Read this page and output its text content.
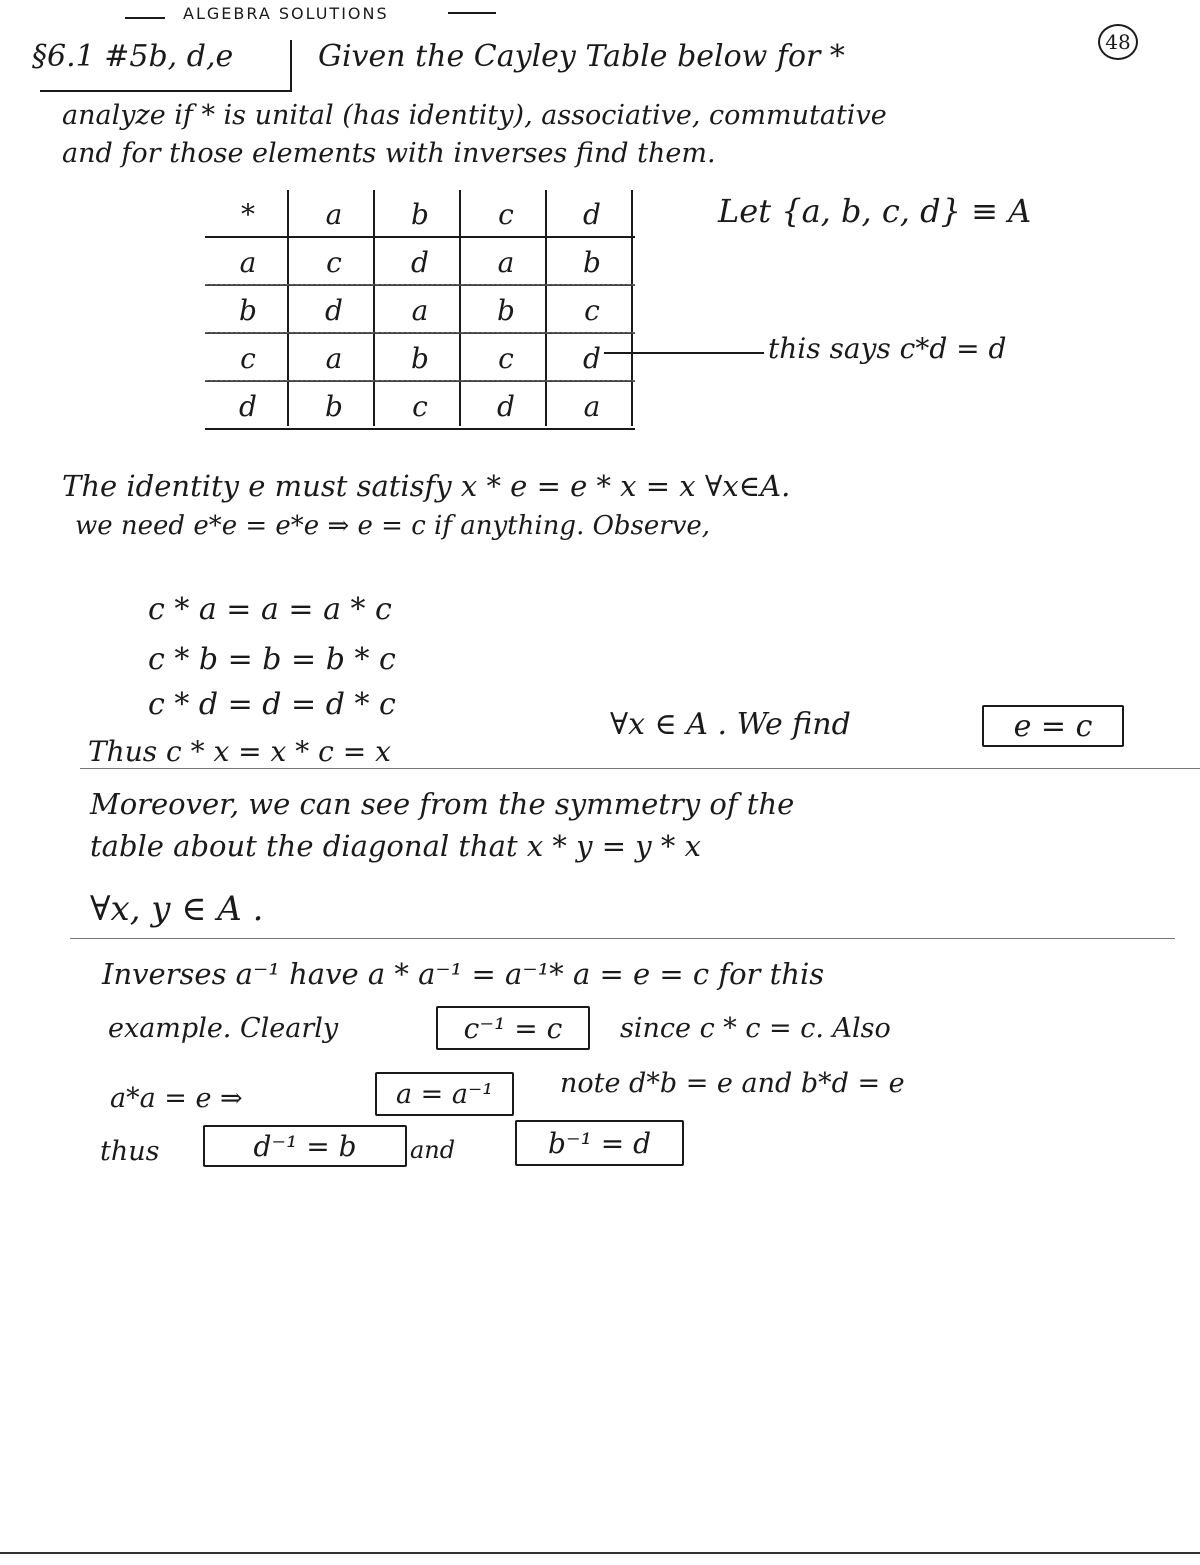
ALGEBRA SOLUTIONS
48
§6.1 #5b, d,e	Given the Cayley Table below for *
analyze if * is unital (has identity), associative, commutative
and for those elements with inverses find them.
*	a	b	c	d
a	c	d	a	b
b	d	a	b	c
c	a	b	c	d
d	b	c	d	a
Let {a, b, c, d} ≡ A
this says c*d = d
The identity e must satisfy x * e = e * x = x ∀x∈A.
we need e*e = e*e ⇒ e = c if anything. Observe,
c * a = a = a * c
c * b = b = b * c
c * d = d = d * c
Thus c * x = x * c = x
∀x ∈ A . We find	e = c
Moreover, we can see from the symmetry of the
table about the diagonal that x * y = y * x
∀x, y ∈ A .
Inverses a⁻¹ have a * a⁻¹ = a⁻¹* a = e = c for this
example. Clearly	c⁻¹ = c	since c * c = c. Also
a*a = e ⇒	a = a⁻¹	note d*b = e and b*d = e
thus	d⁻¹ = b	and	b⁻¹ = d
